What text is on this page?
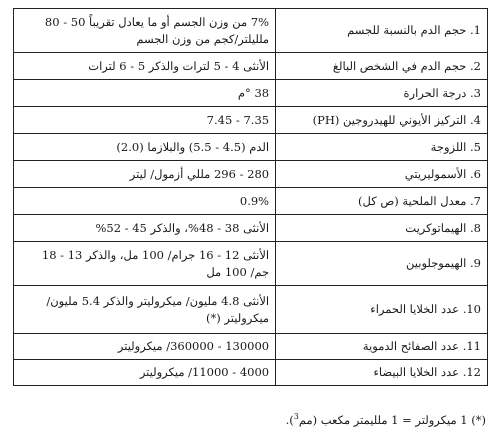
1. حجم الدم بالنسبة للجسم	7% من وزن الجسم أو ما يعادل تقريباً 50 - 80 ملليلتر/كجم من وزن الجسم
2. حجم الدم في الشخص البالغ	الأنثى 4 - 5 لترات والذكر 5 - 6 لترات
3. درجة الحرارة	38 °م
4. التركيز الأيوني للهيدروجين (PH)	7.35 - 7.45
5. اللزوجة	الدم (4.5 - 5.5) والبلازما (2.0)
6. الأسموليريتي	280 - 296 مللي أزمول/ ليتر
7. معدل الملحية (ص كل)	0.9%
8. الهيماتوكريت	الأنثى 38 - 48%، والذكر 45 - 52%
9. الهيموجلوبين	الأنثى 12 - 16 جرام/ 100 مل، والذكر 13 - 18 جم/ 100 مل
10. عدد الخلايا الحمراء	الأنثى 4.8 مليون/ ميكروليتر والذكر 5.4 مليون/ ميكروليتر (*)
11. عدد الصفائح الدموية	130000 - 360000/ ميكروليتر
12. عدد الخلايا البيضاء	4000 - 11000/ ميكروليتر
(*) 1 ميكرولتر = 1 ملليمتر مكعب (مم$^3$).
